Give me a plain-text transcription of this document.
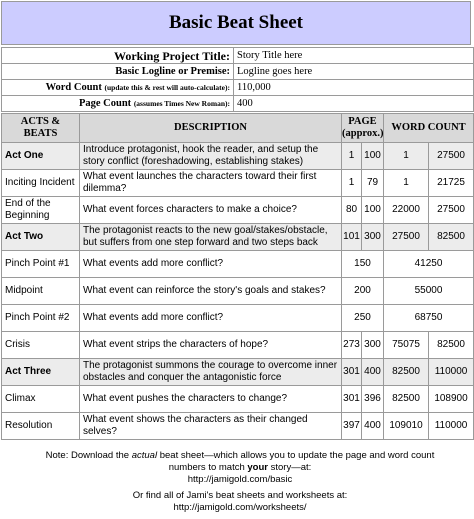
Basic Beat Sheet
Working Project Title:	Story Title here
Basic Logline or Premise:	Logline goes here
Word Count (update this & rest will auto-calculate):	110,000
Page Count (assumes Times New Roman):	400
ACTS &
BEATS	DESCRIPTION	PAGE
(approx.)		WORD COUNT	
Act One	Introduce protagonist, hook the reader, and setup the story conflict (foreshadowing, establishing stakes)	1	100	1	27500
Inciting Incident	What event launches the characters toward their first dilemma?	1	79	1	21725
End of the Beginning	What event forces characters to make a choice?	80	100	22000	27500
Act Two	The protagonist reacts to the new goal/stakes/obstacle, but suffers from one step forward and two steps back	101	300	27500	82500
Pinch Point #1	What events add more conflict?	150		41250	
Midpoint	What event can reinforce the story's goals and stakes?	200		55000	
Pinch Point #2	What events add more conflict?	250		68750	
Crisis	What event strips the characters of hope?	273	300	75075	82500
Act Three	The protagonist summons the courage to overcome inner obstacles and conquer the antagonistic force	301	400	82500	110000
Climax	What event pushes the characters to change?	301	396	82500	108900
Resolution	What event shows the characters as their changed selves?	397	400	109010	110000

Note: Download the actual beat sheet—which allows you to update the page and word count numbers to match your story—at:
http://jamigold.com/basic

Or find all of Jami's beat sheets and worksheets at:
http://jamigold.com/worksheets/
